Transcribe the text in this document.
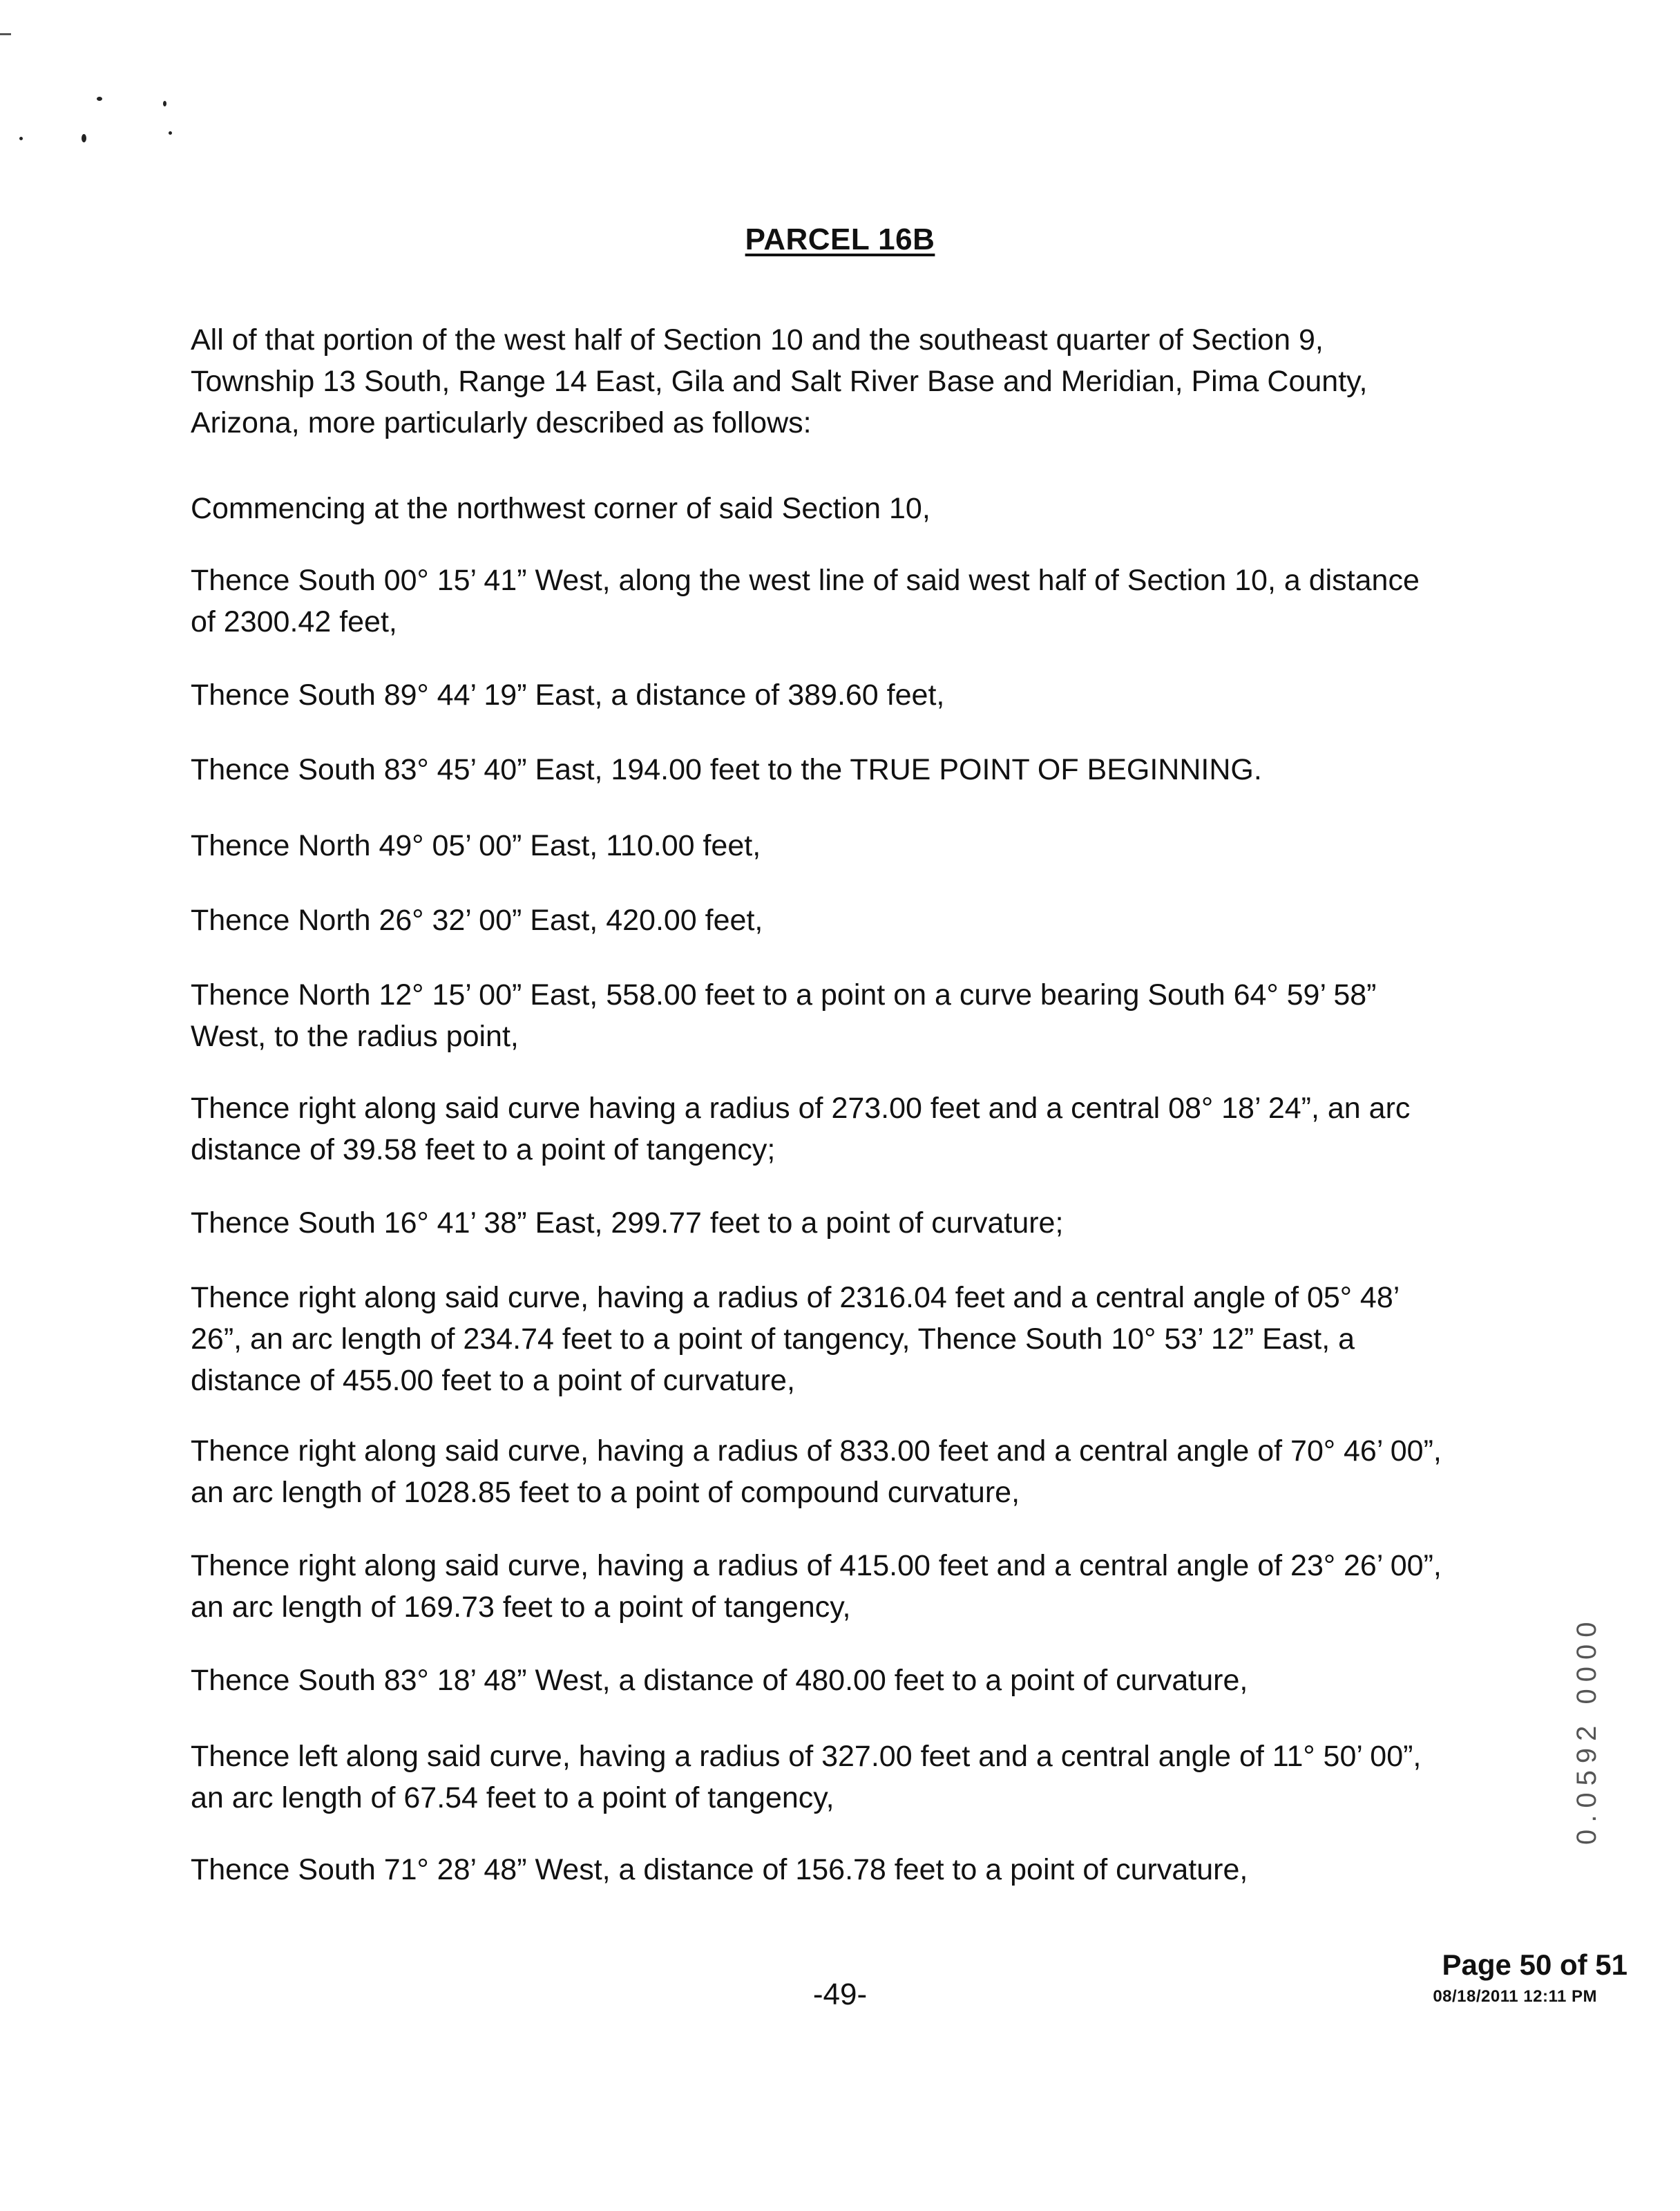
PARCEL 16B

All of that portion of the west half of Section 10 and the southeast quarter of Section 9, Township 13 South, Range 14 East, Gila and Salt River Base and Meridian, Pima County, Arizona, more particularly described as follows:

Commencing at the northwest corner of said Section 10,

Thence South 00° 15’ 41” West, along the west line of said west half of Section 10, a distance of 2300.42 feet,

Thence South 89° 44’ 19” East, a distance of 389.60 feet,

Thence South 83° 45’ 40” East, 194.00 feet to the TRUE POINT OF BEGINNING.

Thence North 49° 05’ 00” East, 110.00 feet,

Thence North 26° 32’ 00” East, 420.00 feet,

Thence North 12° 15’ 00” East, 558.00 feet to a point on a curve bearing South 64° 59’ 58” West, to the radius point,

Thence right along said curve having a radius of 273.00 feet and a central 08° 18’ 24”, an arc distance of 39.58 feet to a point of tangency;

Thence South 16° 41’ 38” East, 299.77 feet to a point of curvature;

Thence right along said curve, having a radius of 2316.04 feet and a central angle of 05° 48’ 26”, an arc length of 234.74 feet to a point of tangency, Thence South 10° 53’ 12” East, a distance of 455.00 feet to a point of curvature,

Thence right along said curve, having a radius of 833.00 feet and a central angle of 70° 46’ 00”, an arc length of 1028.85 feet to a point of compound curvature,

Thence right along said curve, having a radius of 415.00 feet and a central angle of 23° 26’ 00”, an arc length of 169.73 feet to a point of tangency,

Thence South 83° 18’ 48” West, a distance of 480.00 feet to a point of curvature,

Thence left along said curve, having a radius of 327.00 feet and a central angle of 11° 50’ 00”, an arc length of 67.54 feet to a point of tangency,

Thence South 71° 28’ 48” West, a distance of 156.78 feet to a point of curvature,

0.0592 0000
-49-
Page 50 of 51
08/18/2011 12:11 PM
